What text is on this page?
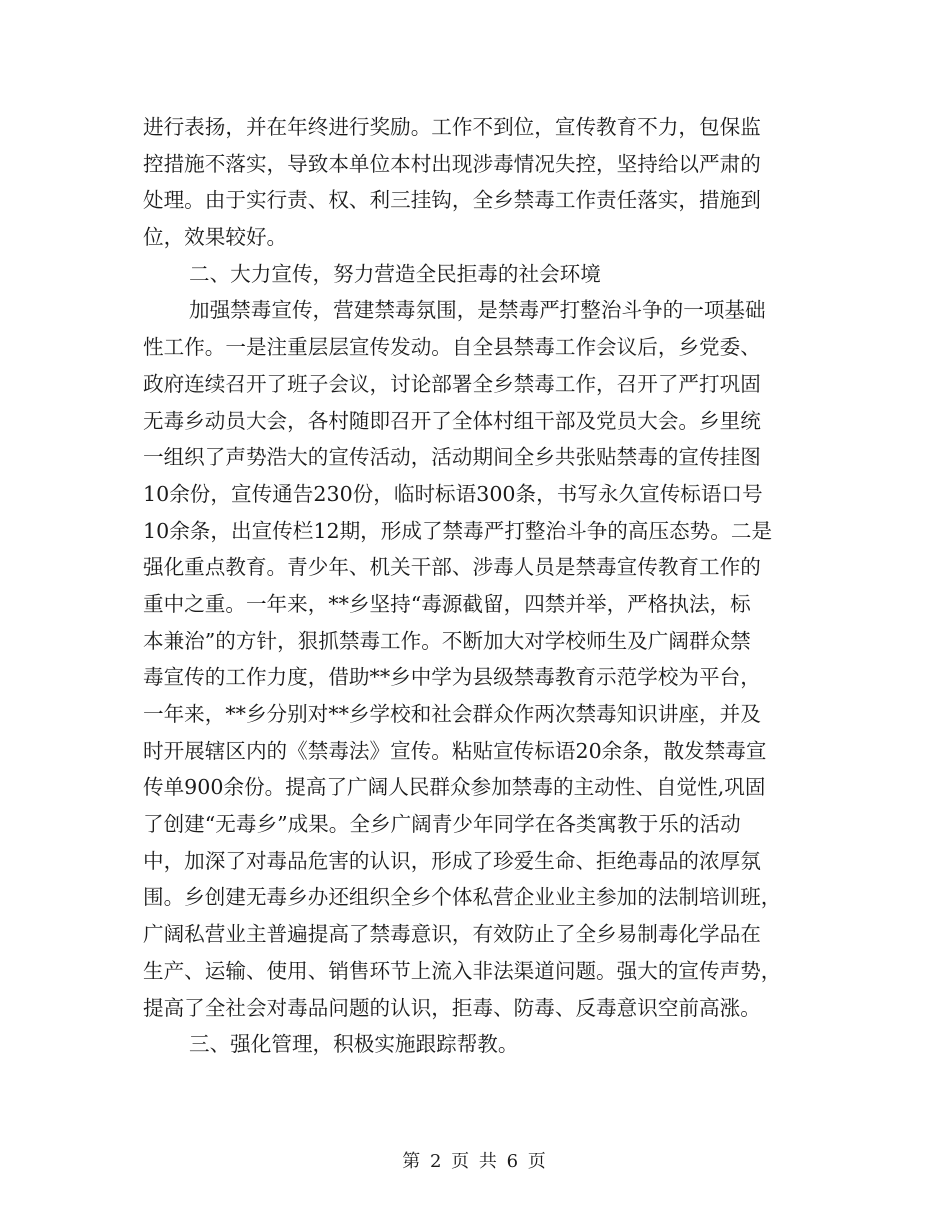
进行表扬，并在年终进行奖励。工作不到位，宣传教育不力，包保监
控措施不落实，导致本单位本村出现涉毒情况失控，坚持给以严肃的
处理。由于实行责、权、利三挂钩，全乡禁毒工作责任落实，措施到
位，效果较好。
二、大力宣传，努力营造全民拒毒的社会环境
加强禁毒宣传，营建禁毒氛围，是禁毒严打整治斗争的一项基础
性工作。一是注重层层宣传发动。自全县禁毒工作会议后，乡党委、
政府连续召开了班子会议，讨论部署全乡禁毒工作，召开了严打巩固
无毒乡动员大会，各村随即召开了全体村组干部及党员大会。乡里统
一组织了声势浩大的宣传活动，活动期间全乡共张贴禁毒的宣传挂图
10余份，宣传通告230份，临时标语300条，书写永久宣传标语口号
10余条，出宣传栏12期，形成了禁毒严打整治斗争的高压态势。二是
强化重点教育。青少年、机关干部、涉毒人员是禁毒宣传教育工作的
重中之重。一年来，**乡坚持“毒源截留，四禁并举，严格执法，标
本兼治”的方针，狠抓禁毒工作。不断加大对学校师生及广阔群众禁
毒宣传的工作力度，借助**乡中学为县级禁毒教育示范学校为平台，
一年来，**乡分别对**乡学校和社会群众作两次禁毒知识讲座，并及
时开展辖区内的《禁毒法》宣传。粘贴宣传标语20余条，散发禁毒宣
传单900余份。提高了广阔人民群众参加禁毒的主动性、自觉性,巩固
了创建“无毒乡”成果。全乡广阔青少年同学在各类寓教于乐的活动
中，加深了对毒品危害的认识，形成了珍爱生命、拒绝毒品的浓厚氛
围。乡创建无毒乡办还组织全乡个体私营企业业主参加的法制培训班，
广阔私营业主普遍提高了禁毒意识，有效防止了全乡易制毒化学品在
生产、运输、使用、销售环节上流入非法渠道问题。强大的宣传声势，
提高了全社会对毒品问题的认识，拒毒、防毒、反毒意识空前高涨。
三、强化管理，积极实施跟踪帮教。
第 2 页 共 6 页
